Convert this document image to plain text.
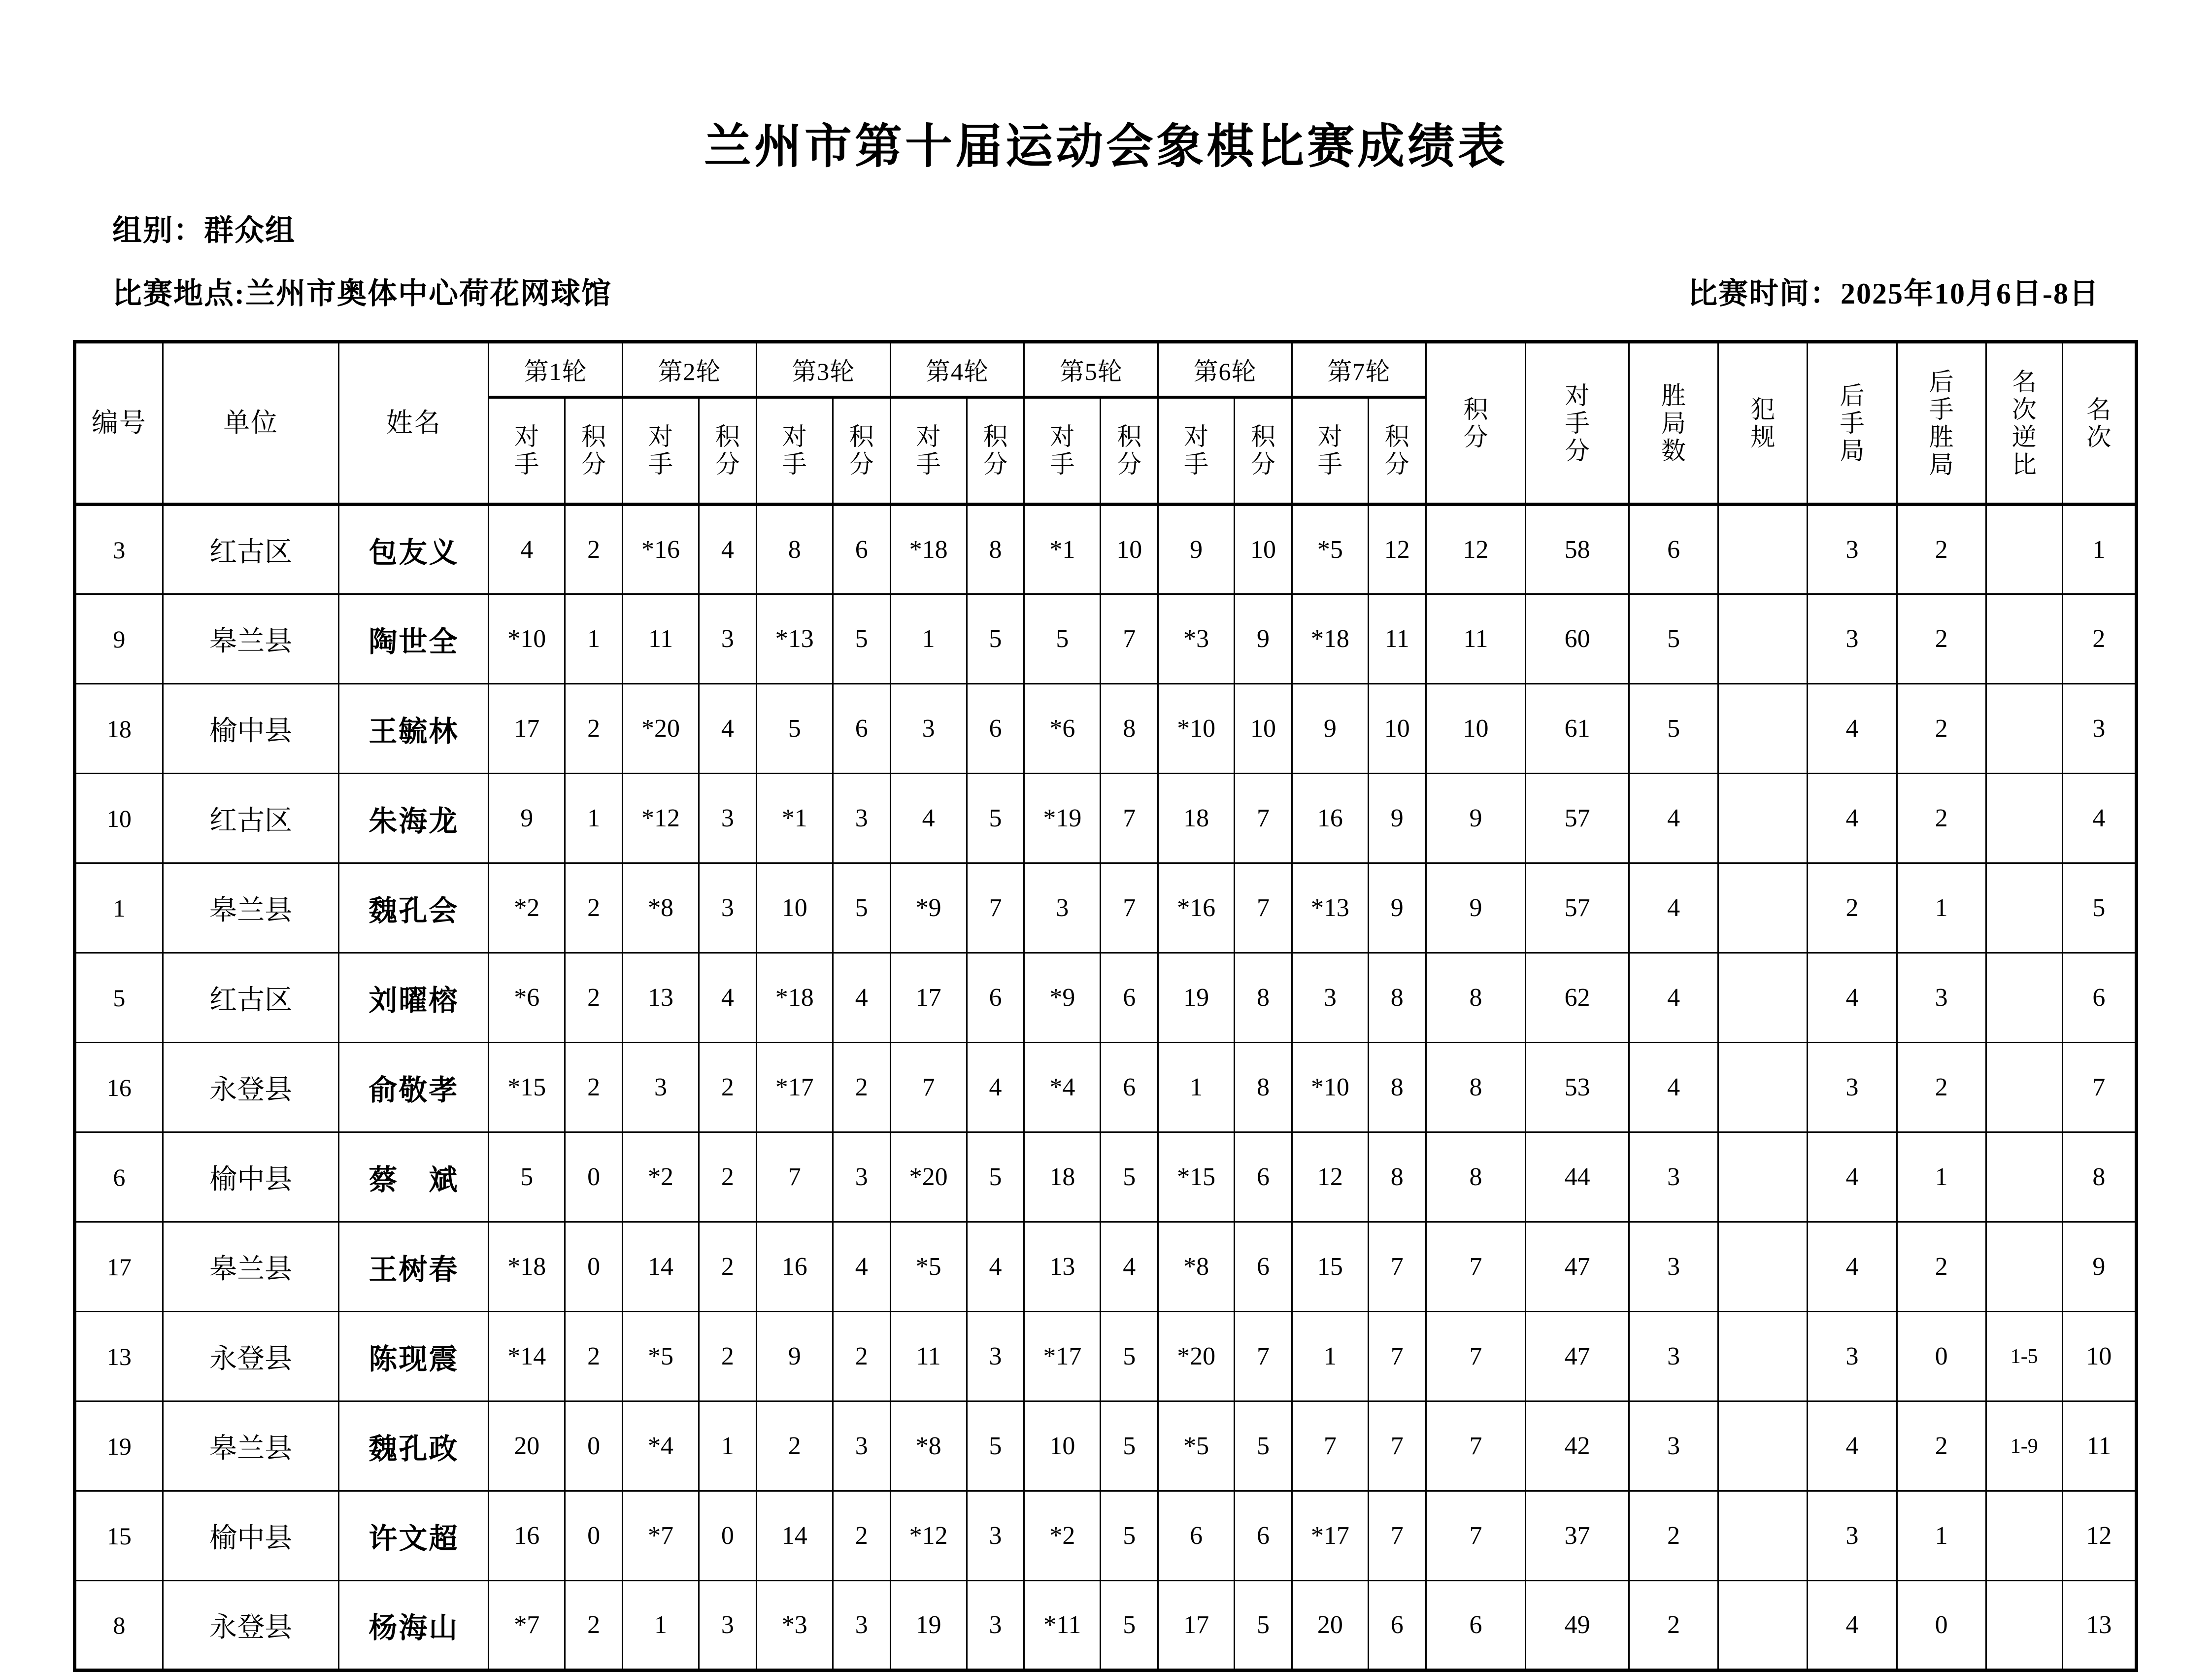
兰州市第十届运动会象棋比赛成绩表
组别：群众组
比赛地点:兰州市奥体中心荷花网球馆	比赛时间：2025年10月6日-8日
编号	单位	姓名	第1轮		第2轮		第3轮		第4轮		第5轮		第6轮		第7轮		积分	对手分	胜局数	犯规	后手局	后手胜局	名次逆比	名次
			对手	积分	对手	积分	对手	积分	对手	积分	对手	积分	对手	积分	对手	积分								
3	红古区	包友义	4	2	*16	4	8	6	*18	8	*1	10	9	10	*5	12	12	58	6		3	2		1
9	皋兰县	陶世全	*10	1	11	3	*13	5	1	5	5	7	*3	9	*18	11	11	60	5		3	2		2
18	榆中县	王毓林	17	2	*20	4	5	6	3	6	*6	8	*10	10	9	10	10	61	5		4	2		3
10	红古区	朱海龙	9	1	*12	3	*1	3	4	5	*19	7	18	7	16	9	9	57	4		4	2		4
1	皋兰县	魏孔会	*2	2	*8	3	10	5	*9	7	3	7	*16	7	*13	9	9	57	4		2	1		5
5	红古区	刘曜榕	*6	2	13	4	*18	4	17	6	*9	6	19	8	3	8	8	62	4		4	3		6
16	永登县	俞敬孝	*15	2	3	2	*17	2	7	4	*4	6	1	8	*10	8	8	53	4		3	2		7
6	榆中县	蔡　斌	5	0	*2	2	7	3	*20	5	18	5	*15	6	12	8	8	44	3		4	1		8
17	皋兰县	王树春	*18	0	14	2	16	4	*5	4	13	4	*8	6	15	7	7	47	3		4	2		9
13	永登县	陈现震	*14	2	*5	2	9	2	11	3	*17	5	*20	7	1	7	7	47	3		3	0	1-5	10
19	皋兰县	魏孔政	20	0	*4	1	2	3	*8	5	10	5	*5	5	7	7	7	42	3		4	2	1-9	11
15	榆中县	许文超	16	0	*7	0	14	2	*12	3	*2	5	6	6	*17	7	7	37	2		3	1		12
8	永登县	杨海山	*7	2	1	3	*3	3	19	3	*11	5	17	5	20	6	6	49	2		4	0		13
